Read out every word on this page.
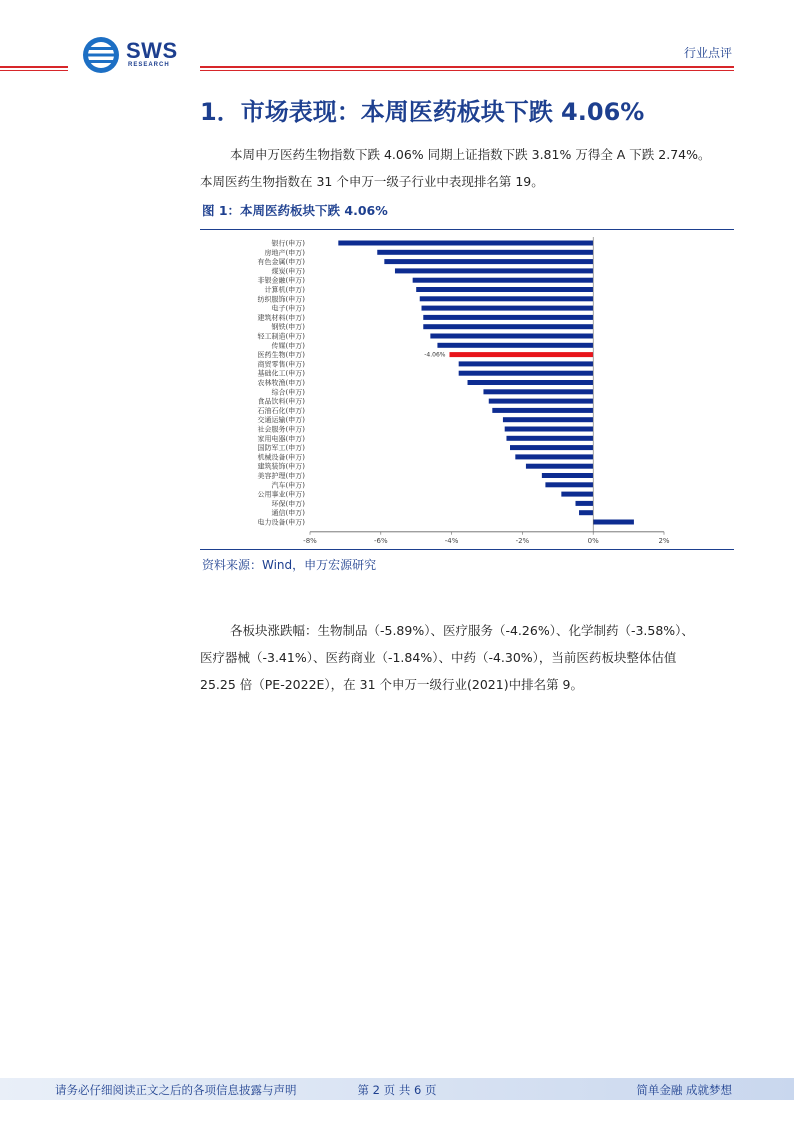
SWS
RESEARCH
行业点评
1．市场表现：本周医药板块下跌 4.06%
本周申万医药生物指数下跌 4.06% 同期上证指数下跌 3.81% 万得全 A 下跌 2.74%。
本周医药生物指数在 31 个申万一级子行业中表现排名第 19。
图 1：本周医药板块下跌 4.06%
银行(申万)
房地产(申万)
有色金属(申万)
煤炭(申万)
非银金融(申万)
计算机(申万)
纺织服饰(申万)
电子(申万)
建筑材料(申万)
钢铁(申万)
轻工制造(申万)
传媒(申万)
医药生物(申万)
商贸零售(申万)
基础化工(申万)
农林牧渔(申万)
综合(申万)
食品饮料(申万)
石油石化(申万)
交通运输(申万)
社会服务(申万)
家用电器(申万)
国防军工(申万)
机械设备(申万)
建筑装饰(申万)
美容护理(申万)
汽车(申万)
公用事业(申万)
环保(申万)
通信(申万)
电力设备(申万)
-4.06%
-8%	-6%	-4%	-2%	0%	2%
资料来源：Wind，申万宏源研究
各板块涨跌幅：生物制品（-5.89%）、医疗服务（-4.26%）、化学制药（-3.58%）、
医疗器械（-3.41%）、医药商业（-1.84%）、中药（-4.30%），当前医药板块整体估值
25.25 倍（PE-2022E），在 31 个申万一级行业(2021)中排名第 9。
请务必仔细阅读正文之后的各项信息披露与声明	第 2 页 共 6 页	简单金融 成就梦想
